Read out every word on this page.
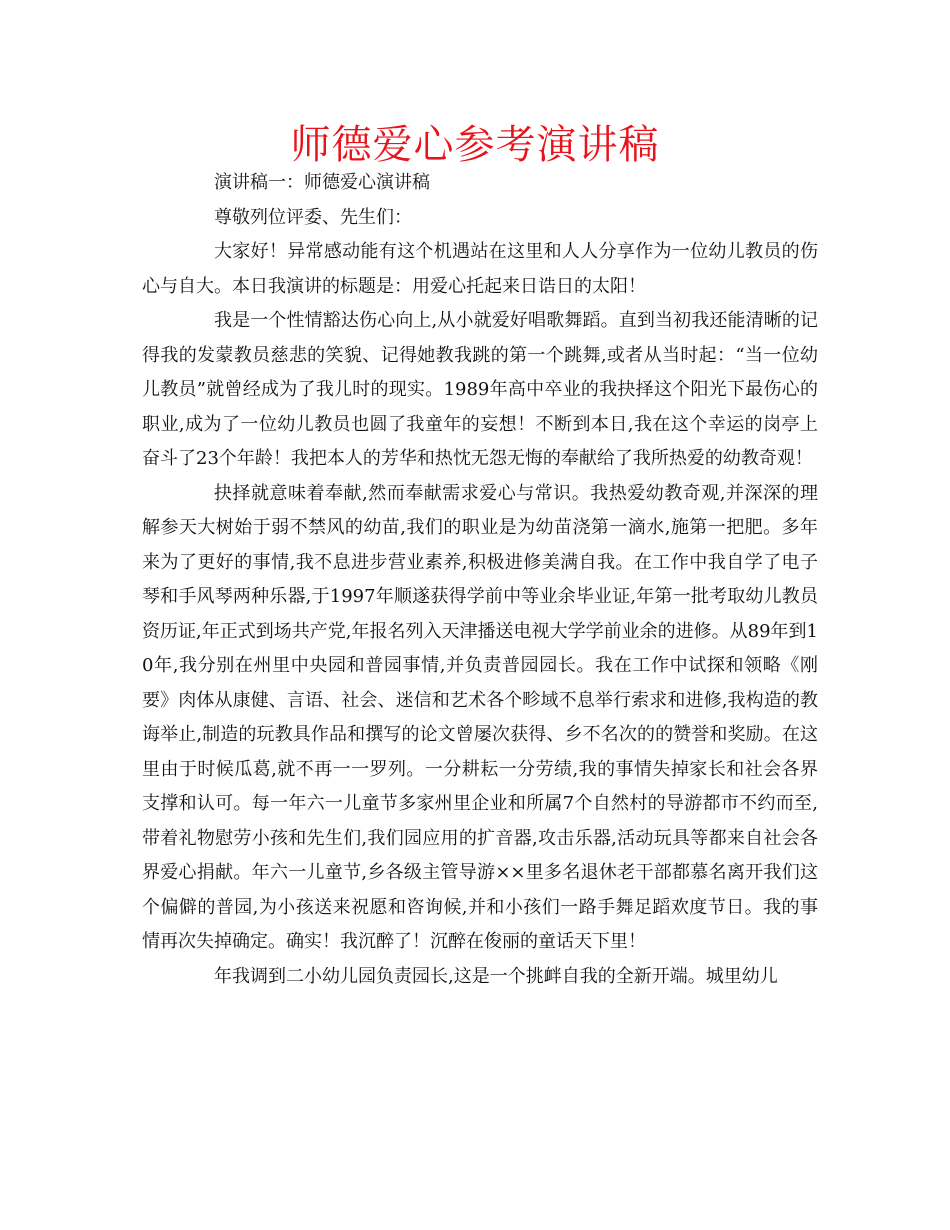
师德爱心参考演讲稿

演讲稿一：师德爱心演讲稿

尊敬列位评委、先生们：

大家好！异常感动能有这个机遇站在这里和人人分享作为一位幼儿教员的伤心与自大。本日我演讲的标题是：用爱心托起来日诰日的太阳！

我是一个性情豁达伤心向上,从小就爱好唱歌舞蹈。直到当初我还能清晰的记得我的发蒙教员慈悲的笑貌、记得她教我跳的第一个跳舞,或者从当时起：“当一位幼儿教员”就曾经成为了我儿时的现实。1989年高中卒业的我抉择这个阳光下最伤心的职业,成为了一位幼儿教员也圆了我童年的妄想！不断到本日,我在这个幸运的岗亭上奋斗了23个年龄！我把本人的芳华和热忱无怨无悔的奉献给了我所热爱的幼教奇观！

抉择就意味着奉献,然而奉献需求爱心与常识。我热爱幼教奇观,并深深的理解参天大树始于弱不禁风的幼苗,我们的职业是为幼苗浇第一滴水,施第一把肥。多年来为了更好的事情,我不息进步营业素养,积极进修美满自我。在工作中我自学了电子琴和手风琴两种乐器,于1997年顺遂获得学前中等业余毕业证,年第一批考取幼儿教员资历证,年正式到场共产党,年报名列入天津播送电视大学学前业余的进修。从89年到10年,我分别在州里中央园和普园事情,并负责普园园长。我在工作中试探和领略《刚要》肉体从康健、言语、社会、迷信和艺术各个畛域不息举行索求和进修,我构造的教诲举止,制造的玩教具作品和撰写的论文曾屡次获得、乡不名次的的赞誉和奖励。在这里由于时候瓜葛,就不再一一罗列。一分耕耘一分劳绩,我的事情失掉家长和社会各界支撑和认可。每一年六一儿童节多家州里企业和所属7个自然村的导游都市不约而至,带着礼物慰劳小孩和先生们,我们园应用的扩音器,攻击乐器,活动玩具等都来自社会各界爱心捐献。年六一儿童节,乡各级主管导游××里多名退休老干部都慕名离开我们这个偏僻的普园,为小孩送来祝愿和咨询候,并和小孩们一路手舞足蹈欢度节日。我的事情再次失掉确定。确实！我沉醉了！沉醉在俊丽的童话天下里！

年我调到二小幼儿园负责园长,这是一个挑衅自我的全新开端。城里幼儿
